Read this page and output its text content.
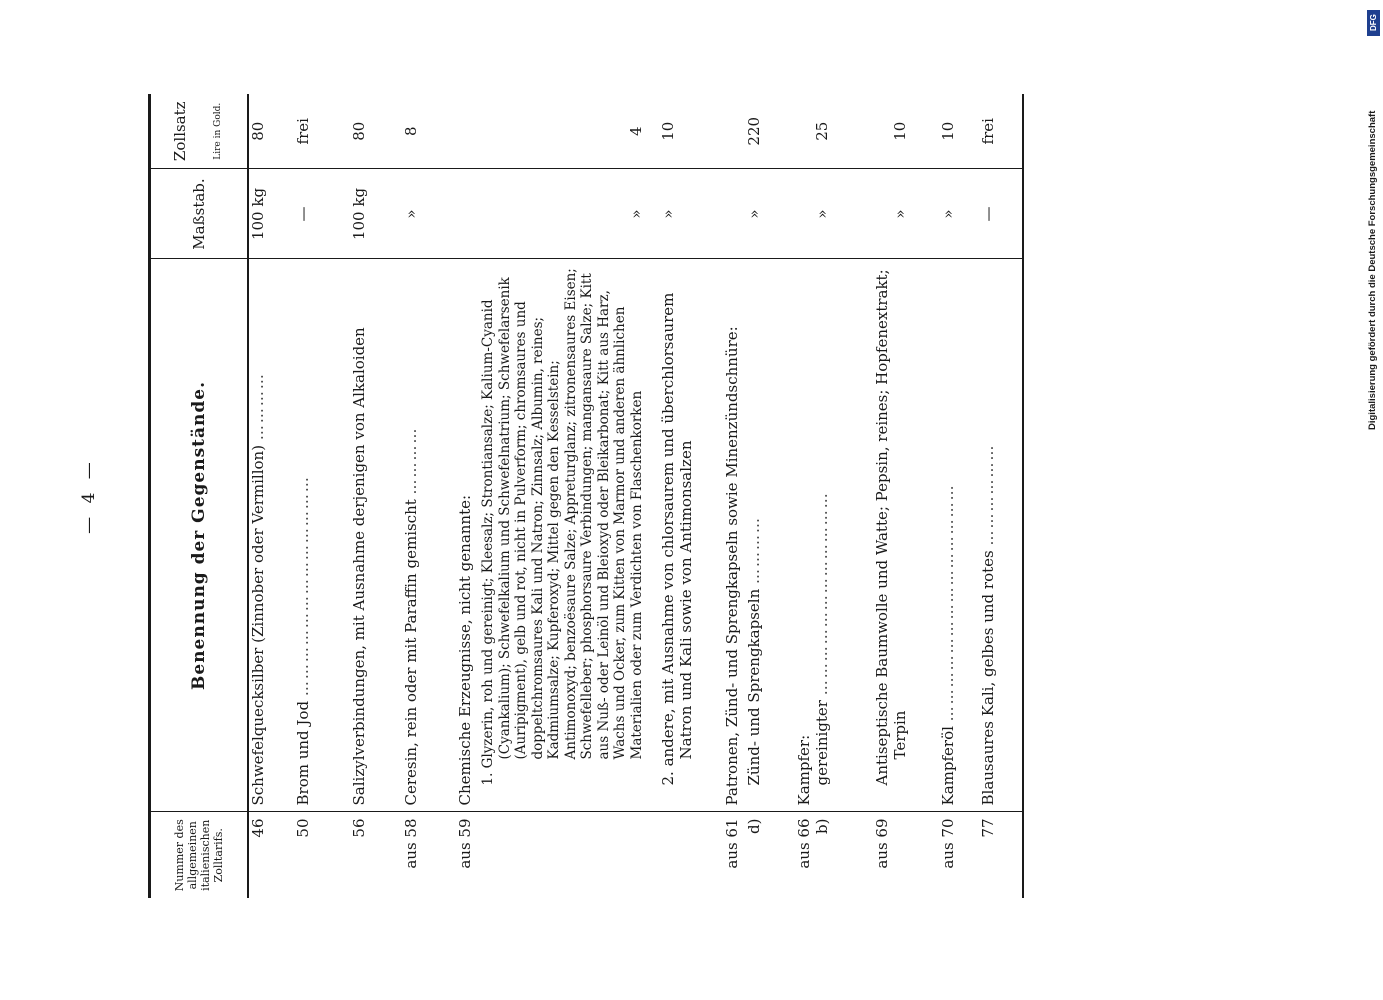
— 4 —
Nummer des allgemeinen italienischen Zolltarifs.	Benennung der Gegenstände.	Maßstab.	Zollsatz Lire in Gold.

46	Schwefelquecksilber (Zinnober oder Vermillon) …………	100 kg	80
50	Brom und Jod …………………………………	—	frei
56	Salizylverbindungen, mit Ausnahme derjenigen von Alkaloiden	100 kg	80
aus 58	Ceresin, rein oder mit Paraffin gemischt …………	»	8
aus 59	Chemische Erzeugnisse, nicht genannte:		
	1. Glyzerin, roh und gereinigt; Kleesalz; Strontiansalze; Kalium-Cyanid (Cyankalium); Schwefelkalium und Schwefelnatrium; Schwefelarsenik (Auripigment), gelb und rot, nicht in Pulverform; chromsaures und doppeltchromsaures Kali und Natron; Zinnsalz; Albumin, reines; Kadmiumsalze; Kupferoxyd; Mittel gegen den Kesselstein; Antimonoxyd; benzoësaure Salze; Appreturglanz; zitronensaures Eisen; Schwefelleber; phosphorsaure Verbindungen; mangansaure Salze; Kitt aus Nuß- oder Leinöl und Bleioxyd oder Bleikarbonat; Kitt aus Harz, Wachs und Ocker, zum Kitten von Marmor und anderen ähnlichen Materialien oder zum Verdichten von Flaschenkorken	»	4
	2. andere, mit Ausnahme von chlorsaurem und überchlorsaurem Natron und Kali sowie von Antimonsalzen	»	10
aus 61	Patronen, Zünd- und Sprengkapseln sowie Minenzündschnüre:		
d)	Zünd- und Sprengkapseln …………	»	220
aus 66	Kampfer:		
b)	gereinigter ………………………………	»	25
aus 69	Antiseptische Baumwolle und Watte; Pepsin, reines; Hopfenextrakt; Terpin	»	10
aus 70	Kampferöl ……………………………………	»	10
77	Blausaures Kali, gelbes und rotes ………………	—	frei
DFG
Digitalisierung gefördert durch die Deutsche Forschungsgemeinschaft
